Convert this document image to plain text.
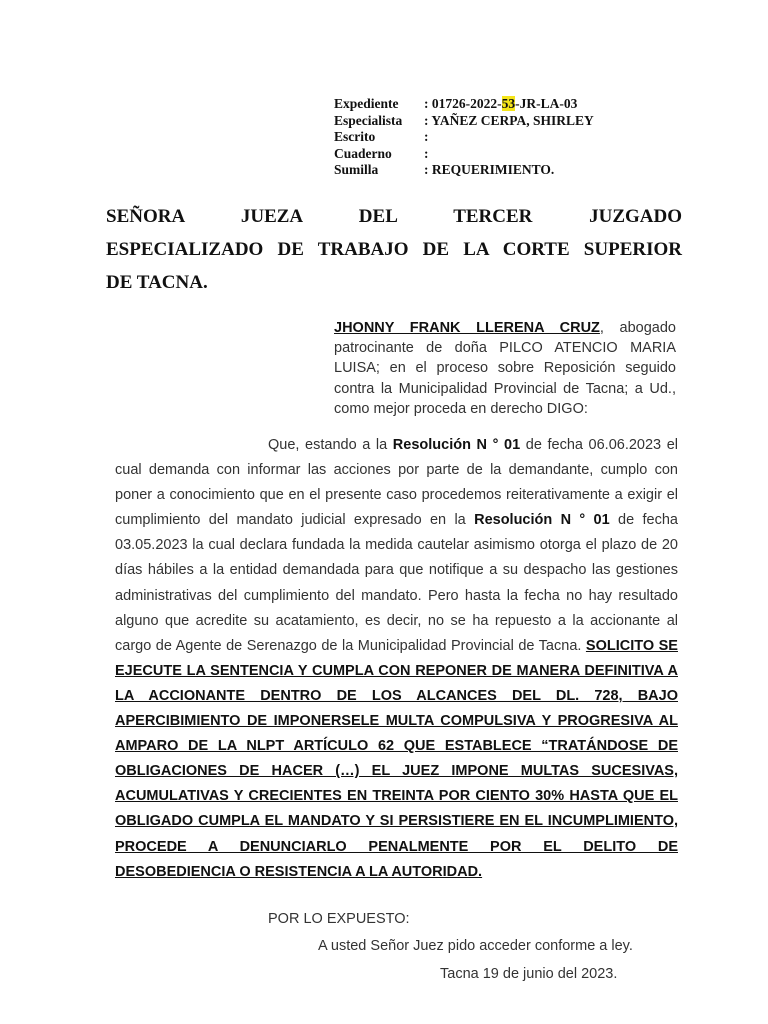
Expediente	: 01726-2022-53-JR-LA-03
Especialista	: YAÑEZ CERPA, SHIRLEY
Escrito	:
Cuaderno	:
Sumilla	: REQUERIMIENTO.
SEÑORA JUEZA DEL TERCER JUZGADO
ESPECIALIZADO DE TRABAJO DE LA CORTE SUPERIOR
DE TACNA.
JHONNY FRANK LLERENA CRUZ, abogado patrocinante de doña PILCO ATENCIO MARIA LUISA; en el proceso sobre Reposición seguido contra la Municipalidad Provincial de Tacna; a Ud., como mejor proceda en derecho DIGO:
Que, estando a la Resolución N ° 01 de fecha 06.06.2023 el cual demanda con informar las acciones por parte de la demandante, cumplo con poner a conocimiento que en el presente caso procedemos reiterativamente a exigir el cumplimiento del mandato judicial expresado en la Resolución N ° 01 de fecha 03.05.2023 la cual declara fundada la medida cautelar asimismo otorga el plazo de 20 días hábiles a la entidad demandada para que notifique a su despacho las gestiones administrativas del cumplimiento del mandato. Pero hasta la fecha no hay resultado alguno que acredite su acatamiento, es decir, no se ha repuesto a la accionante al cargo de Agente de Serenazgo de la Municipalidad Provincial de Tacna. SOLICITO SE EJECUTE LA SENTENCIA Y CUMPLA CON REPONER DE MANERA DEFINITIVA A LA ACCIONANTE DENTRO DE LOS ALCANCES DEL DL. 728, BAJO APERCIBIMIENTO DE IMPONERSELE MULTA COMPULSIVA Y PROGRESIVA AL AMPARO DE LA NLPT ARTÍCULO 62 QUE ESTABLECE “TRATÁNDOSE DE OBLIGACIONES DE HACER (…) EL JUEZ IMPONE MULTAS SUCESIVAS, ACUMULATIVAS Y CRECIENTES EN TREINTA POR CIENTO 30% HASTA QUE EL OBLIGADO CUMPLA EL MANDATO Y SI PERSISTIERE EN EL INCUMPLIMIENTO, PROCEDE A DENUNCIARLO PENALMENTE POR EL DELITO DE DESOBEDIENCIA O RESISTENCIA A LA AUTORIDAD.
POR LO EXPUESTO:
A usted Señor Juez pido acceder conforme a ley.
Tacna 19 de junio del 2023.
